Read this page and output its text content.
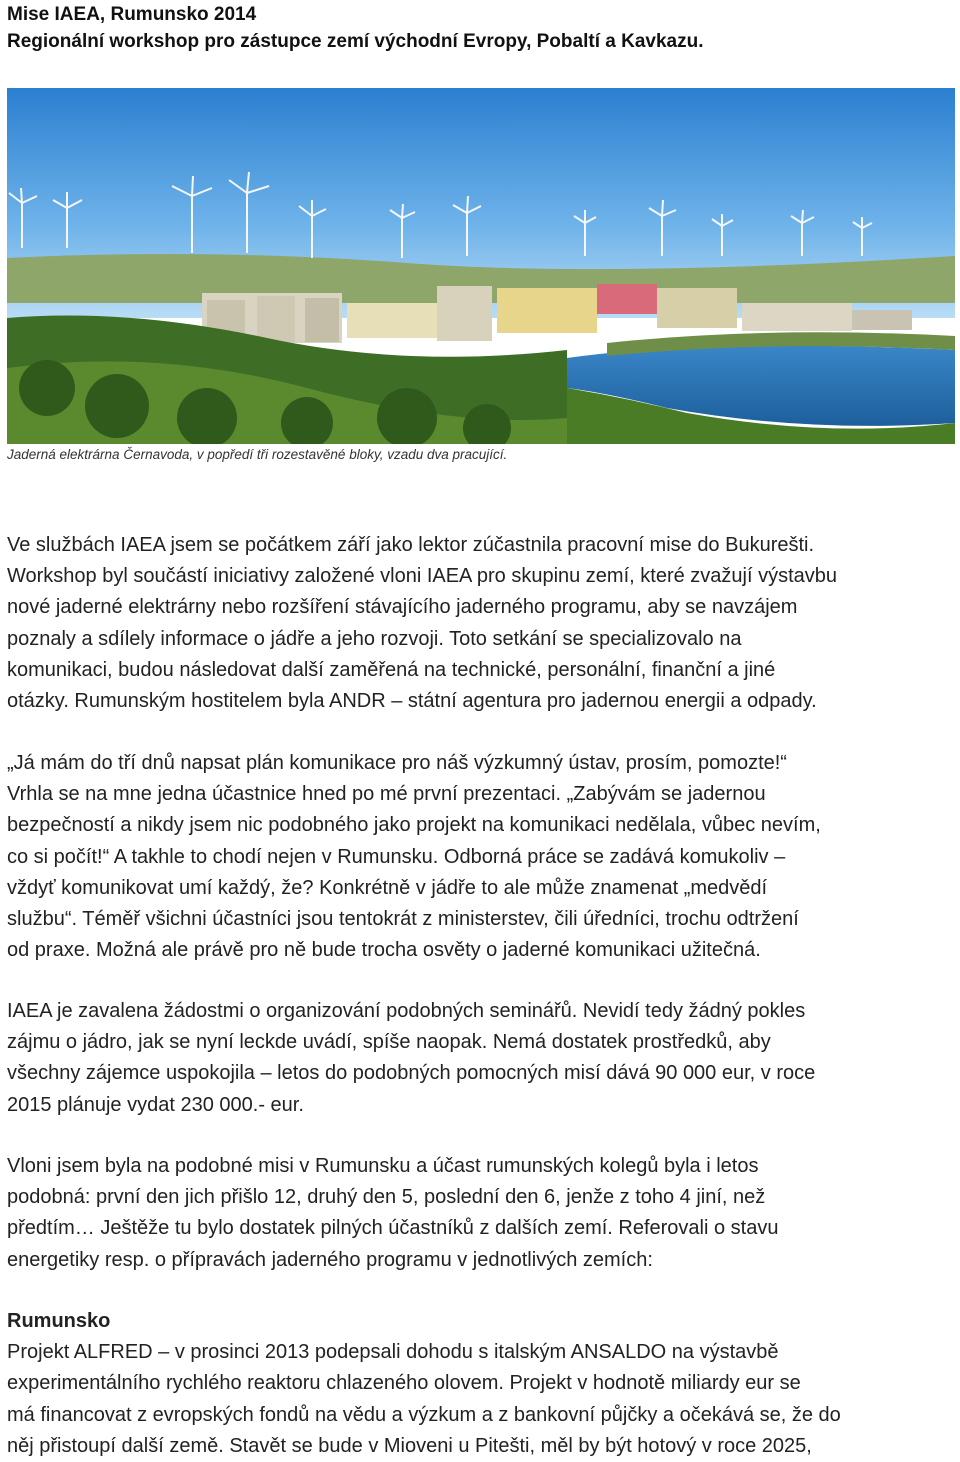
Mise IAEA, Rumunsko 2014
Regionální workshop pro zástupce zemí východní Evropy, Pobaltí a Kavkazu.
Jaderná elektrárna Černavoda, v popředí tři rozestavěné bloky, vzadu dva pracující.
Ve službách IAEA jsem se počátkem září jako lektor zúčastnila pracovní mise do Bukurešti.
Workshop byl součástí iniciativy založené vloni IAEA pro skupinu zemí, které zvažují výstavbu
nové jaderné elektrárny nebo rozšíření stávajícího jaderného programu, aby se navzájem
poznaly a sdílely informace o jádře a jeho rozvoji. Toto setkání se specializovalo na
komunikaci, budou následovat další zaměřená na technické, personální, finanční a jiné
otázky. Rumunským hostitelem byla ANDR – státní agentura pro jadernou energii a odpady.
„Já mám do tří dnů napsat plán komunikace pro náš výzkumný ústav, prosím, pomozte!“
Vrhla se na mne jedna účastnice hned po mé první prezentaci. „Zabývám se jadernou
bezpečností a nikdy jsem nic podobného jako projekt na komunikaci nedělala, vůbec nevím,
co si počít!“ A takhle to chodí nejen v Rumunsku. Odborná práce se zadává komukoliv –
vždyť komunikovat umí každý, že? Konkrétně v jádře to ale může znamenat „medvědí
službu“. Téměř všichni účastníci jsou tentokrát z ministerstev, čili úředníci, trochu odtržení
od praxe. Možná ale právě pro ně bude trocha osvěty o jaderné komunikaci užitečná.
IAEA je zavalena žádostmi o organizování podobných seminářů. Nevidí tedy žádný pokles
zájmu o jádro, jak se nyní leckde uvádí, spíše naopak. Nemá dostatek prostředků, aby
všechny zájemce uspokojila – letos do podobných pomocných misí dává 90 000 eur, v roce
2015 plánuje vydat 230 000.- eur.
Vloni jsem byla na podobné misi v Rumunsku a účast rumunských kolegů byla i letos
podobná: první den jich přišlo 12, druhý den 5, poslední den 6, jenže z toho 4 jiní, než
předtím… Ještěže tu bylo dostatek pilných účastníků z dalších zemí. Referovali o stavu
energetiky resp. o přípravách jaderného programu v jednotlivých zemích:
Rumunsko
Projekt ALFRED – v prosinci 2013 podepsali dohodu s italským ANSALDO na výstavbě
experimentálního rychlého reaktoru chlazeného olovem. Projekt v hodnotě miliardy eur se
má financovat z evropských fondů na vědu a výzkum a z bankovní půjčky a očekává se, že do
něj přistoupí další země. Stavět se bude v Mioveni u Pitešti, měl by být hotový v roce 2025,
